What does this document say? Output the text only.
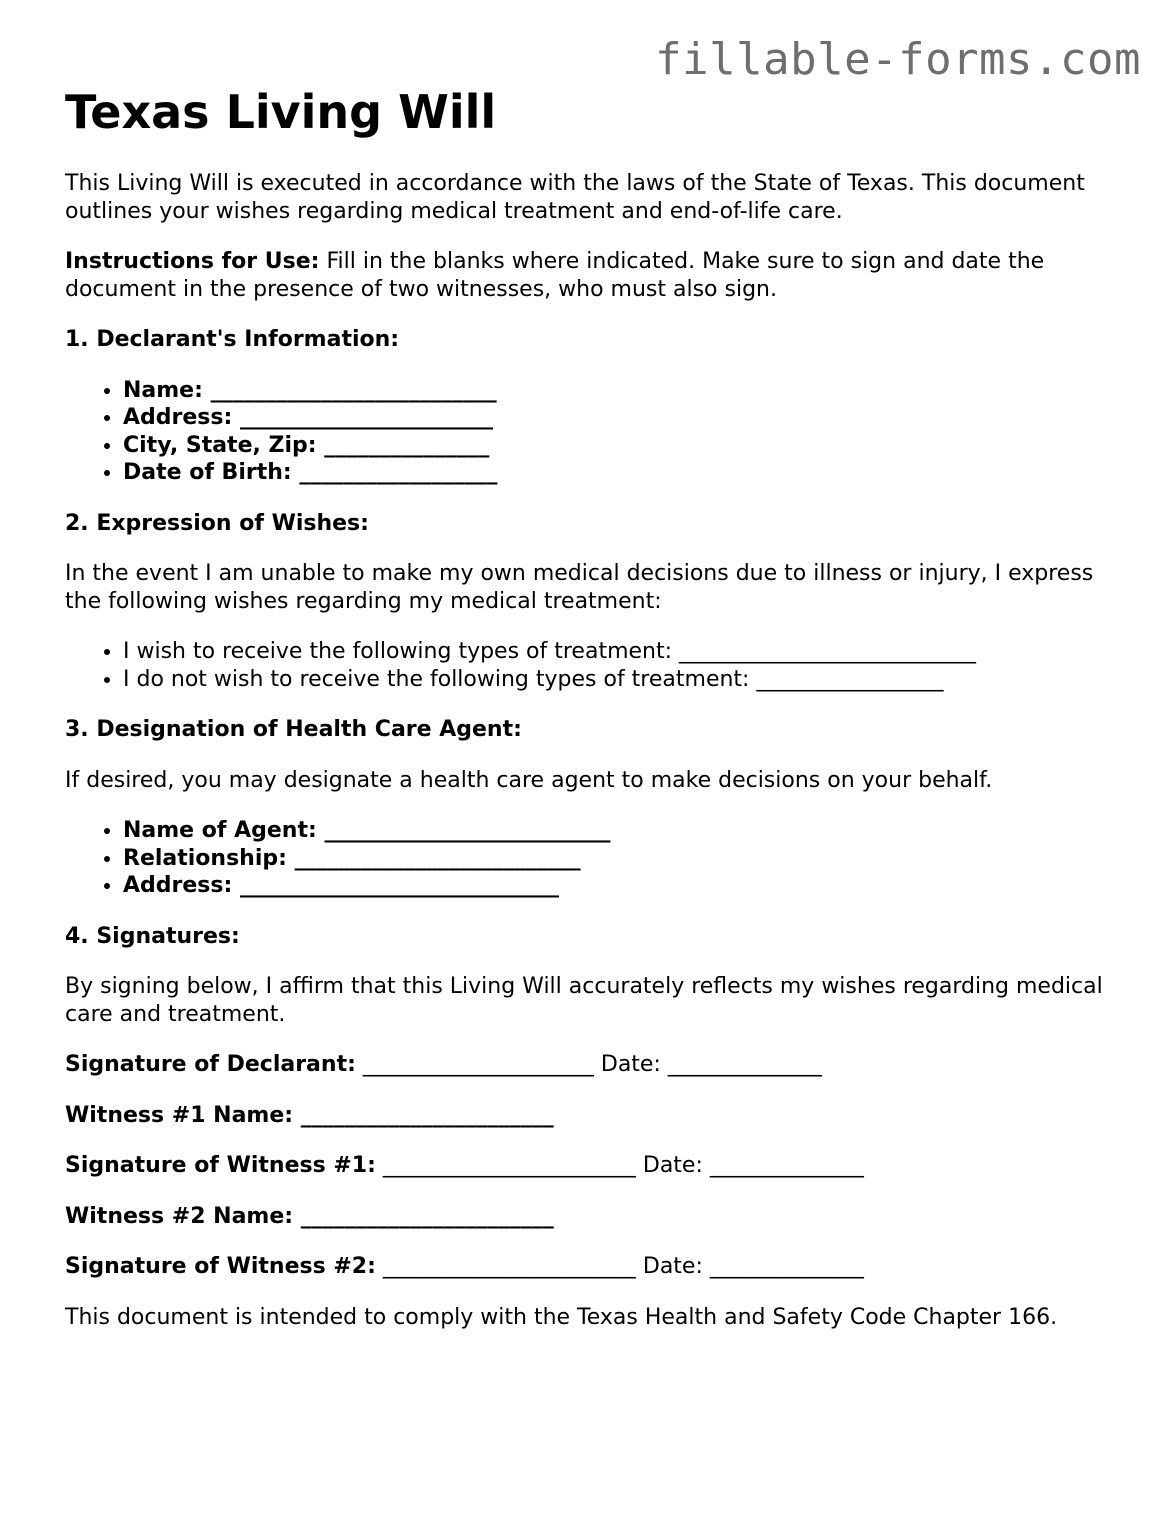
fillable-forms.com
Texas Living Will

This Living Will is executed in accordance with the laws of the State of Texas. This document outlines your wishes regarding medical treatment and end-of-life care.

Instructions for Use: Fill in the blanks where indicated. Make sure to sign and date the document in the presence of two witnesses, who must also sign.

1. Declarant's Information:

• Name: __________________________
• Address: _______________________
• City, State, Zip: _______________
• Date of Birth: __________________

2. Expression of Wishes:

In the event I am unable to make my own medical decisions due to illness or injury, I express the following wishes regarding my medical treatment:

• I wish to receive the following types of treatment: ___________________________
• I do not wish to receive the following types of treatment: _________________

3. Designation of Health Care Agent:

If desired, you may designate a health care agent to make decisions on your behalf.

• Name of Agent: __________________________
• Relationship: __________________________
• Address: _____________________________

4. Signatures:

By signing below, I affirm that this Living Will accurately reflects my wishes regarding medical care and treatment.

Signature of Declarant: _____________________ Date: ______________

Witness #1 Name: _______________________

Signature of Witness #1: _______________________ Date: ______________

Witness #2 Name: _______________________

Signature of Witness #2: _______________________ Date: ______________

This document is intended to comply with the Texas Health and Safety Code Chapter 166.
